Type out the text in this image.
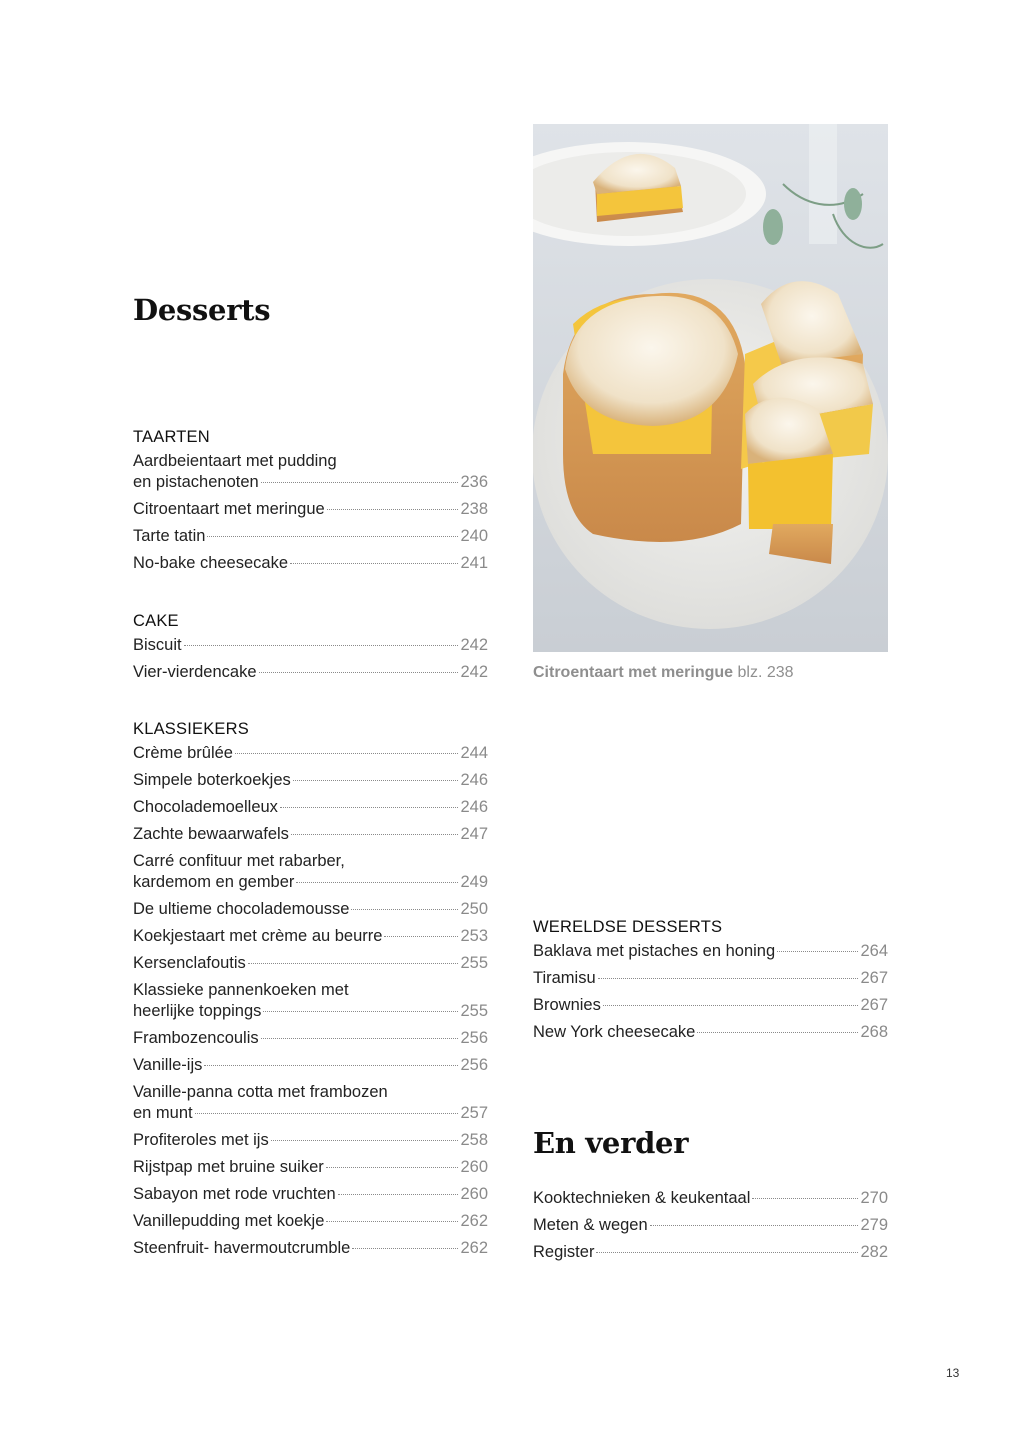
Desserts
TAARTEN
Aardbeientaart met pudding
en pistachenoten	236
Citroentaart met meringue	238
Tarte tatin	240
No-bake cheesecake	241
CAKE
Biscuit	242
Vier-vierdencake	242
KLASSIEKERS
Crème brûlée	244
Simpele boterkoekjes	246
Chocolademoelleux	246
Zachte bewaarwafels	247
Carré confituur met rabarber,
kardemom en gember	249
De ultieme chocolademousse	250
Koekjestaart met crème au beurre	253
Kersenclafoutis	255
Klassieke pannenkoeken met
heerlijke toppings	255
Frambozencoulis	256
Vanille-ijs	256
Vanille-panna cotta met frambozen
en munt	257
Profiteroles met ijs	258
Rijstpap met bruine suiker	260
Sabayon met rode vruchten	260
Vanillepudding met koekje	262
Steenfruit- havermoutcrumble	262
Citroentaart met meringue blz. 238
WERELDSE DESSERTS
Baklava met pistaches en honing	264
Tiramisu	267
Brownies	267
New York cheesecake	268
Kooktechnieken & keukentaal	270
Meten & wegen	279
Register	282
En verder
13
